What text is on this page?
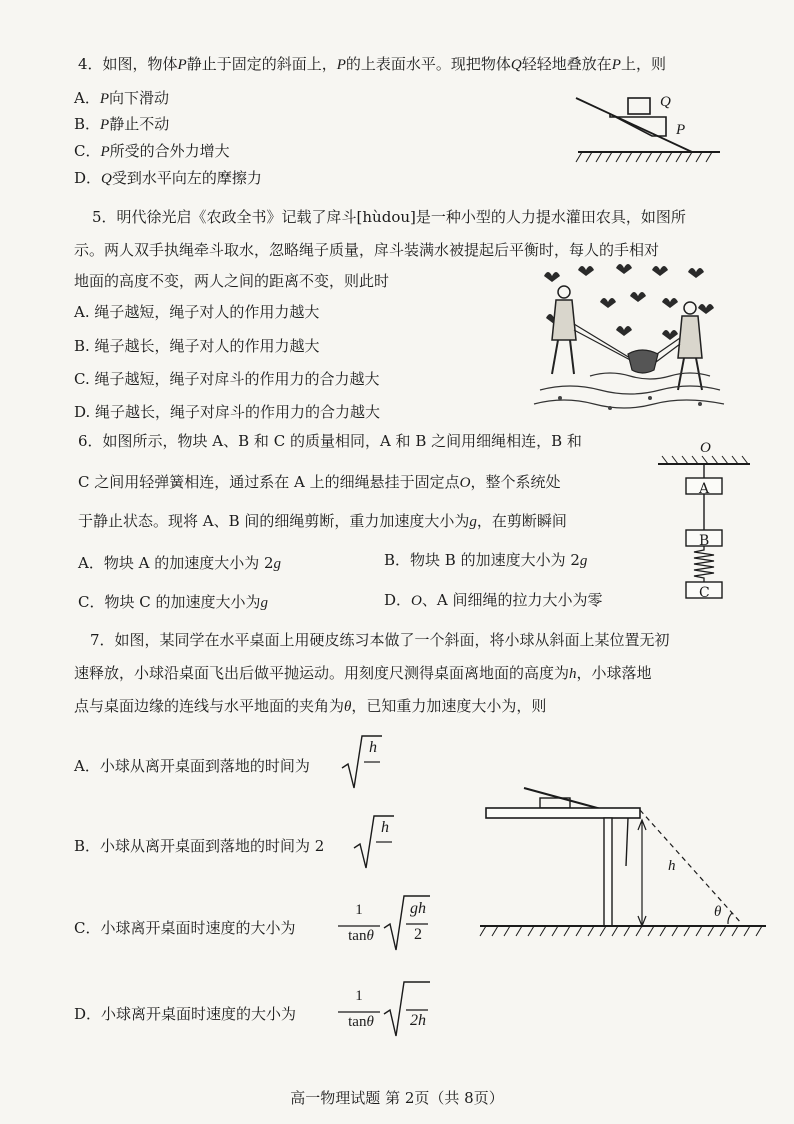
4．如图，物体P静止于固定的斜面上，P的上表面水平。现把物体Q轻轻地叠放在P上，则
A．P向下滑动
B．P静止不动
C．P所受的合外力增大
D．Q受到水平向左的摩擦力
Q
P
5．明代徐光启《农政全书》记载了戽斗[hùdou]是一种小型的人力提水灌田农具，如图所
示。两人双手执绳牵斗取水，忽略绳子质量，戽斗装满水被提起后平衡时，每人的手相对
地面的高度不变，两人之间的距离不变，则此时
A. 绳子越短，绳子对人的作用力越大
B. 绳子越长，绳子对人的作用力越大
C. 绳子越短，绳子对戽斗的作用力的合力越大
D. 绳子越长，绳子对戽斗的作用力的合力越大
6．如图所示，物块 A、B 和 C 的质量相同，A 和 B 之间用细绳相连，B 和
C 之间用轻弹簧相连，通过系在 A 上的细绳悬挂于固定点O，整个系统处
于静止状态。现将 A、B 间的细绳剪断，重力加速度大小为g，在剪断瞬间
A．物块 A 的加速度大小为 2g	B．物块 B 的加速度大小为 2g
C．物块 C 的加速度大小为g	D．O、A 间细绳的拉力大小为零
O
A
B
C
7．如图，某同学在水平桌面上用硬皮练习本做了一个斜面，将小球从斜面上某位置无初
速释放，小球沿桌面飞出后做平抛运动。用刻度尺测得桌面离地面的高度为h，小球落地
点与桌面边缘的连线与水平地面的夹角为θ，已知重力加速度大小为，则
A．小球从离开桌面到落地的时间为
h
B．小球从离开桌面到落地的时间为 2
h
C．小球离开桌面时速度的大小为
1
tanθ
gh
2
D．小球离开桌面时速度的大小为
1
tanθ	2h
h
θ
高一物理试题 第 2页（共 8页）
